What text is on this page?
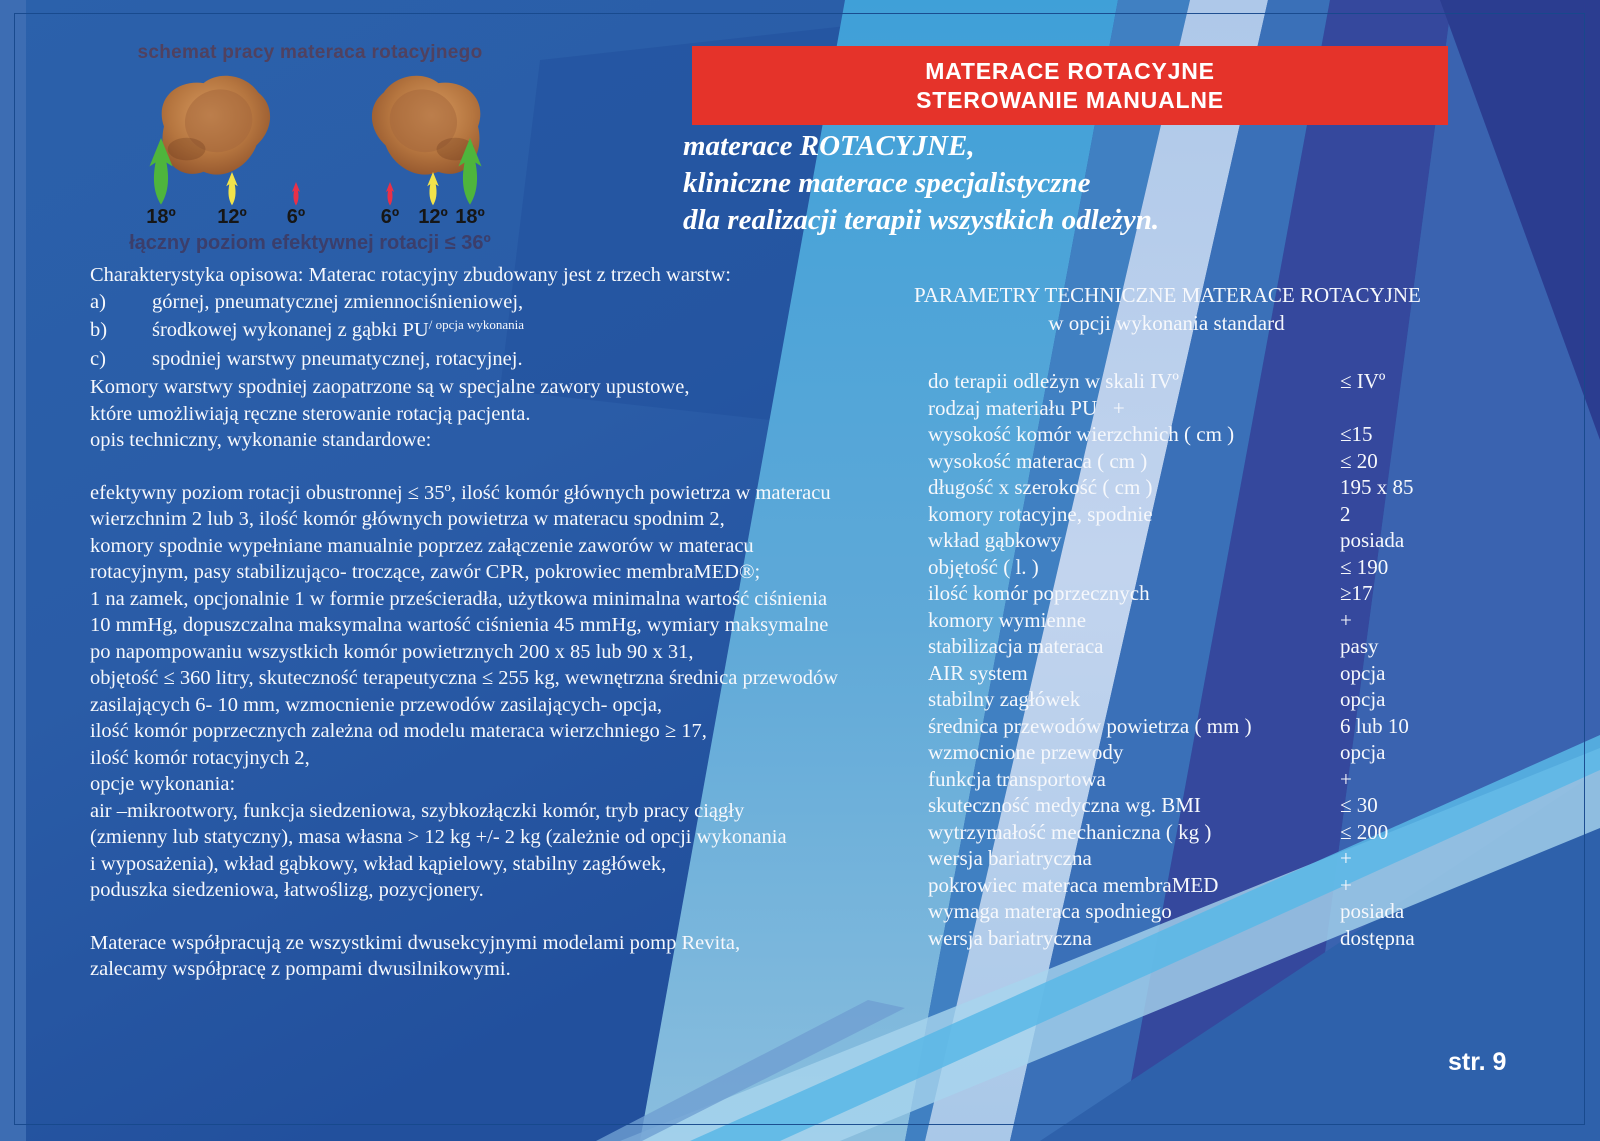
schemat pracy materaca rotacyjnego
18º	12º	6º	6º 12º 18º
łączny poziom efektywnej rotacji ≤ 36º
MATERACE ROTACYJNE
STEROWANIE MANUALNE
materace ROTACYJNE,
kliniczne materace specjalistyczne
dla realizacji terapii wszystkich odleżyn.

Charakterystyka opisowa: Materac rotacyjny zbudowany jest z trzech warstw:

a)	górnej, pneumatycznej zmiennociśnieniowej,
b)	środkowej wykonanej z gąbki $PU^{/ opcja wykonania}$
c)	spodniej warstwy pneumatycznej, rotacyjnej.
Komory warstwy spodniej zaopatrzone są w specjalne zawory upustowe,
które umożliwiają ręczne sterowanie rotacją pacjenta.

opis techniczny, wykonanie standardowe:

efektywny poziom rotacji obustronnej ≤ 35º, ilość komór głównych powietrza w materacu
wierzchnim 2 lub 3, ilość komór głównych powietrza w materacu spodnim 2,
komory spodnie wypełniane manualnie poprzez załączenie zaworów w materacu
rotacyjnym, pasy stabilizująco- troczące, zawór CPR, pokrowiec membraMED®;
1 na zamek, opcjonalnie 1 w formie prześcieradła, użytkowa minimalna wartość ciśnienia
10 mmHg, dopuszczalna maksymalna wartość ciśnienia 45 mmHg, wymiary maksymalne
po napompowaniu wszystkich komór powietrznych 200 x 85 lub 90 x 31,
objętość ≤ 360 litry, skuteczność terapeutyczna ≤ 255 kg, wewnętrzna średnica przewodów
zasilających 6- 10 mm, wzmocnienie przewodów zasilających- opcja,
ilość komór poprzecznych zależna od modelu materaca wierzchniego ≥ 17,
ilość komór rotacyjnych 2,

opcje wykonania:

air –mikrootwory, funkcja siedzeniowa, szybkozłączki komór, tryb pracy ciągły
(zmienny lub statyczny), masa własna > 12 kg +/- 2 kg (zależnie od opcji wykonania
i wyposażenia), wkład gąbkowy, wkład kąpielowy, stabilny zagłówek,
poduszka siedzeniowa, łatwoślizg, pozycjonery.
Materace współpracują ze wszystkimi dwusekcyjnymi modelami pomp Revita,
zalecamy współpracę z pompami dwusilnikowymi.
PARAMETRY TECHNICZNE MATERACE ROTACYJNE
w opcji wykonania standard
do terapii odleżyn w skali IVº	≤ IVº
rodzaj materiału PU   +
wysokość komór wierzchnich ( cm )	≤15
wysokość materaca ( cm )	≤ 20
długość x szerokość ( cm )	195 x 85
komory rotacyjne, spodnie	2
wkład gąbkowy	posiada
objętość ( l. )	≤ 190
ilość komór poprzecznych	≥17
komory wymienne	+
stabilizacja materaca	pasy
AIR system	opcja
stabilny zagłówek	opcja
średnica przewodów powietrza ( mm )	6 lub 10
wzmocnione przewody	opcja
funkcja transportowa	+
skuteczność medyczna wg. BMI	≤ 30
wytrzymałość mechaniczna ( kg )	≤ 200
wersja bariatryczna	+
pokrowiec materaca membraMED	+
wymaga materaca spodniego	posiada
wersja bariatryczna	dostępna
str. 9
